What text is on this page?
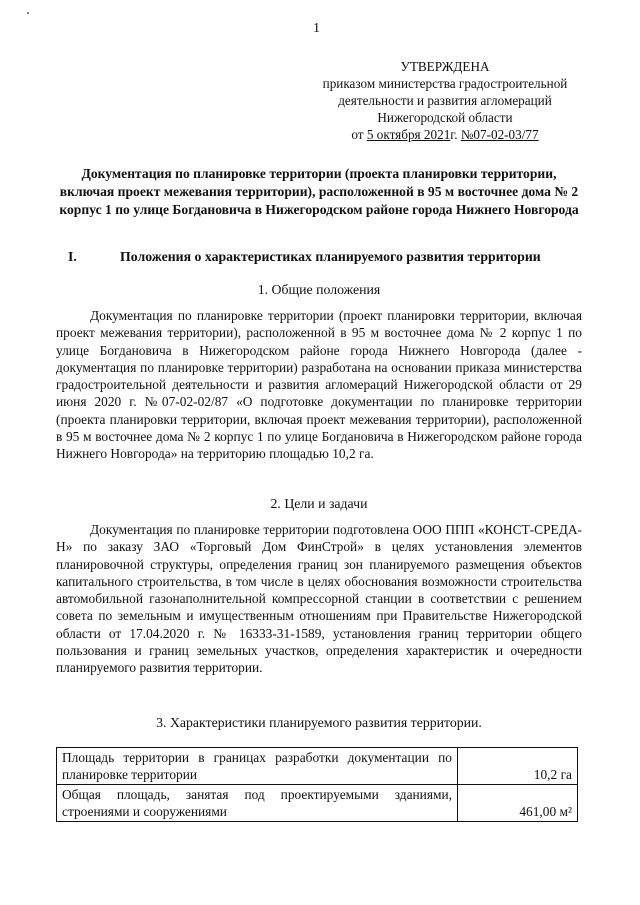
1
УТВЕРЖДЕНА
приказом министерства градостроительной
деятельности и развития агломераций
Нижегородской области
от 5 октября 2021г. №07-02-03/77
Документация по планировке территории (проекта планировки территории, включая проект межевания территории), расположенной в 95 м восточнее дома № 2 корпус 1 по улице Богдановича в Нижегородском районе города Нижнего Новгорода
I.	Положения о характеристиках планируемого развития территории
1. Общие положения
Документация по планировке территории (проект планировки территории, включая проект межевания территории), расположенной в 95 м восточнее дома № 2 корпус 1 по улице Богдановича в Нижегородском районе города Нижнего Новгорода (далее - документация по планировке территории) разработана на основании приказа министерства градостроительной деятельности и развития агломераций Нижегородской области от 29 июня 2020 г. №07-02-02/87 «О подготовке документации по планировке территории (проекта планировки территории, включая проект межевания территории), расположенной в 95 м восточнее дома № 2 корпус 1 по улице Богдановича в Нижегородском районе города Нижнего Новгорода» на территорию площадью 10,2 га.
2. Цели и задачи
Документация по планировке территории подготовлена ООО ППП «КОНСТ-СРЕДА-Н» по заказу ЗАО «Торговый Дом ФинСтрой» в целях установления элементов планировочной структуры, определения границ зон планируемого размещения объектов капитального строительства, в том числе в целях обоснования возможности строительства автомобильной газонаполнительной компрессорной станции в соответствии с решением совета по земельным и имущественным отношениям при Правительстве Нижегородской области от 17.04.2020 г. № 16333-31-1589, установления границ территории общего пользования и границ земельных участков, определения характеристик и очередности планируемого развития территории.
3. Характеристики планируемого развития территории.
Площадь территории в границах разработки документации по планировке территории	10,2 га
Общая площадь, занятая под проектируемыми зданиями, строениями и сооружениями	461,00 м²
